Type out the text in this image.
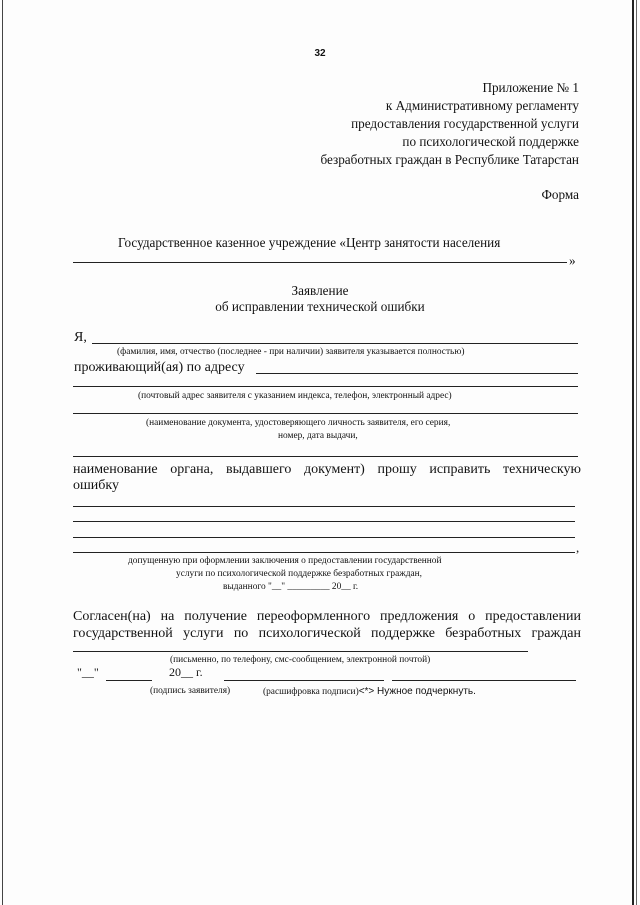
32
Приложение № 1
к Административному регламенту
предоставления государственной услуги
по психологической поддержке
безработных граждан в Республике Татарстан
Форма
Государственное казенное учреждение «Центр занятости населения
»
Заявление
об исправлении технической ошибки
Я,
(фамилия, имя, отчество (последнее - при наличии) заявителя указывается полностью)
проживающий(ая) по адресу
(почтовый адрес заявителя с указанием индекса, телефон, электронный адрес)
(наименование документа, удостоверяющего личность заявителя, его серия,
номер, дата выдачи,
наименование органа, выдавшего документ) прошу исправить техническую
ошибку
,
допущенную при оформлении заключения о предоставлении государственной
услуги по психологической поддержке безработных граждан,
выданного "__" _________ 20__ г.
Согласен(на) на получение переоформленного предложения о предоставлении
государственной услуги по психологической поддержке безработных граждан
(письменно, по телефону, смс-сообщением, электронной почтой)
"__"	20__ г.
(подпись заявителя)	(расшифровка подписи)<*> Нужное подчеркнуть.
